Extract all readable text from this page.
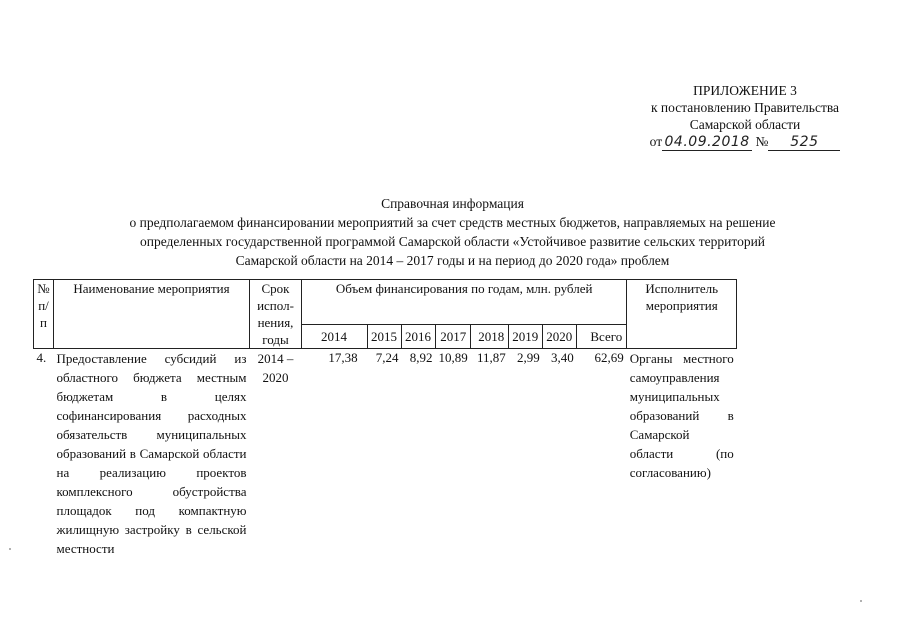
ПРИЛОЖЕНИЕ 3
к постановлению Правительства
Самарской области
от 04.09.2018 № 525
Справочная информация
о предполагаемом финансировании мероприятий за счет средств местных бюджетов, направляемых на решение
определенных государственной программой Самарской области «Устойчивое развитие сельских территорий
Самарской области на 2014 – 2017 годы и на период до 2020 года» проблем
№ п/п	Наименование мероприятия	Срок испол-нения, годы	Объем финансирования по годам, млн. рублей								Исполнитель мероприятия
			2014	2015	2016	2017	2018	2019	2020	Всего	
4.	Предоставление субсидий из областного бюджета местным бюджетам в целях софинансирования расходных обязательств муниципальных образований в Самарской области на реализацию проектов комплексного обустройства площадок под компактную жилищную застройку в сельской местности	2014 – 2020	17,38	7,24	8,92	10,89	11,87	2,99	3,40	62,69	Органы местного самоуправления муниципальных образований в Самарской области (по согласованию)
